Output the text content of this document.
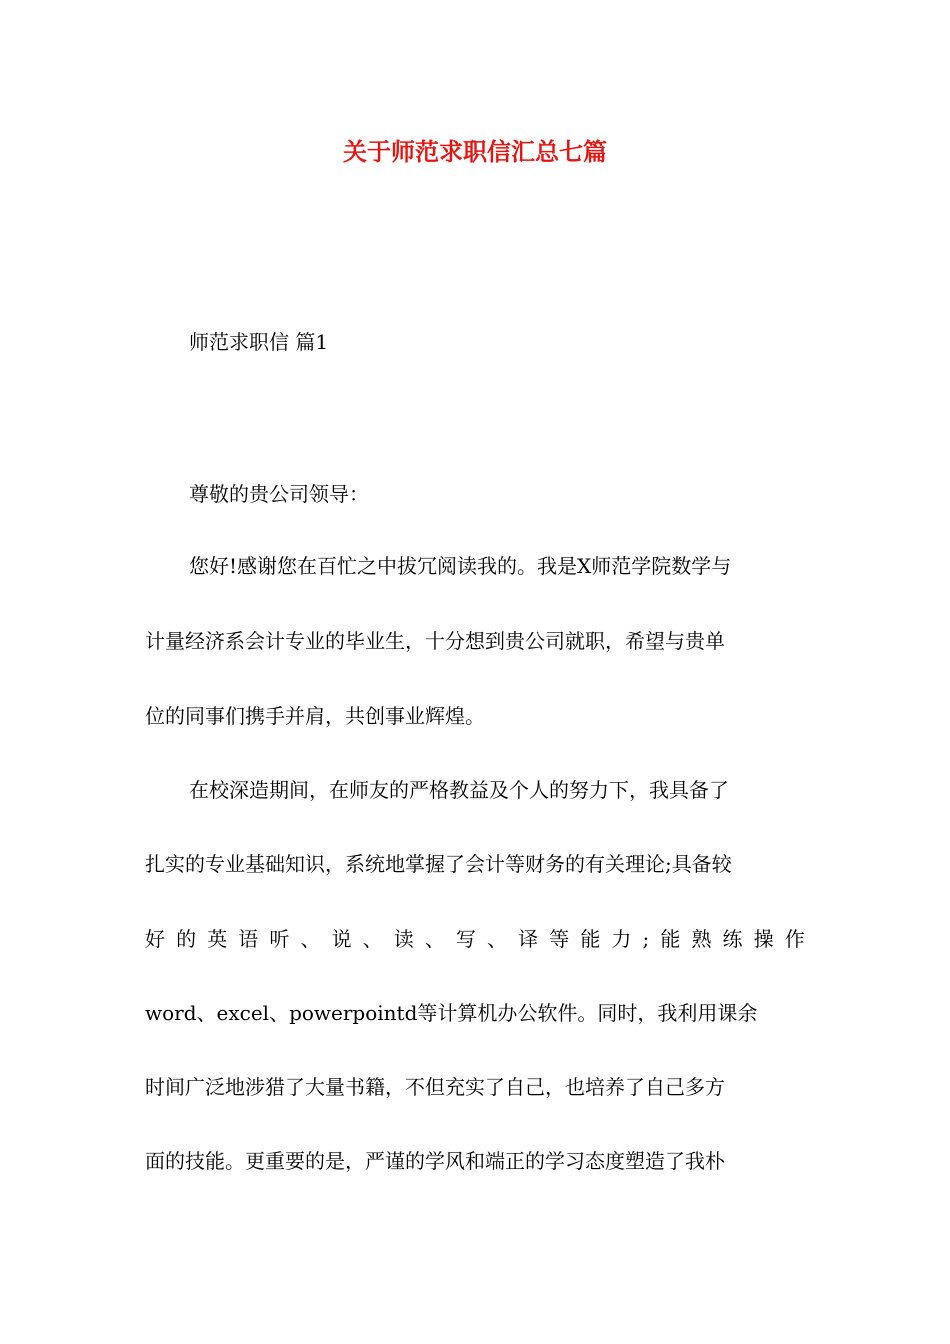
关于师范求职信汇总七篇
师范求职信 篇1
尊敬的贵公司领导：
您好!感谢您在百忙之中拔冗阅读我的。我是X师范学院数学与
计量经济系会计专业的毕业生，十分想到贵公司就职，希望与贵单
位的同事们携手并肩，共创事业辉煌。
在校深造期间，在师友的严格教益及个人的努力下，我具备了
扎实的专业基础知识，系统地掌握了会计等财务的有关理论;具备较
好 的 英 语 听 、 说 、 读 、 写 、 译 等 能 力 ; 能 熟 练 操 作
word、excel、powerpointd等计算机办公软件。同时，我利用课余
时间广泛地涉猎了大量书籍，不但充实了自己，也培养了自己多方
面的技能。更重要的是，严谨的学风和端正的学习态度塑造了我朴
